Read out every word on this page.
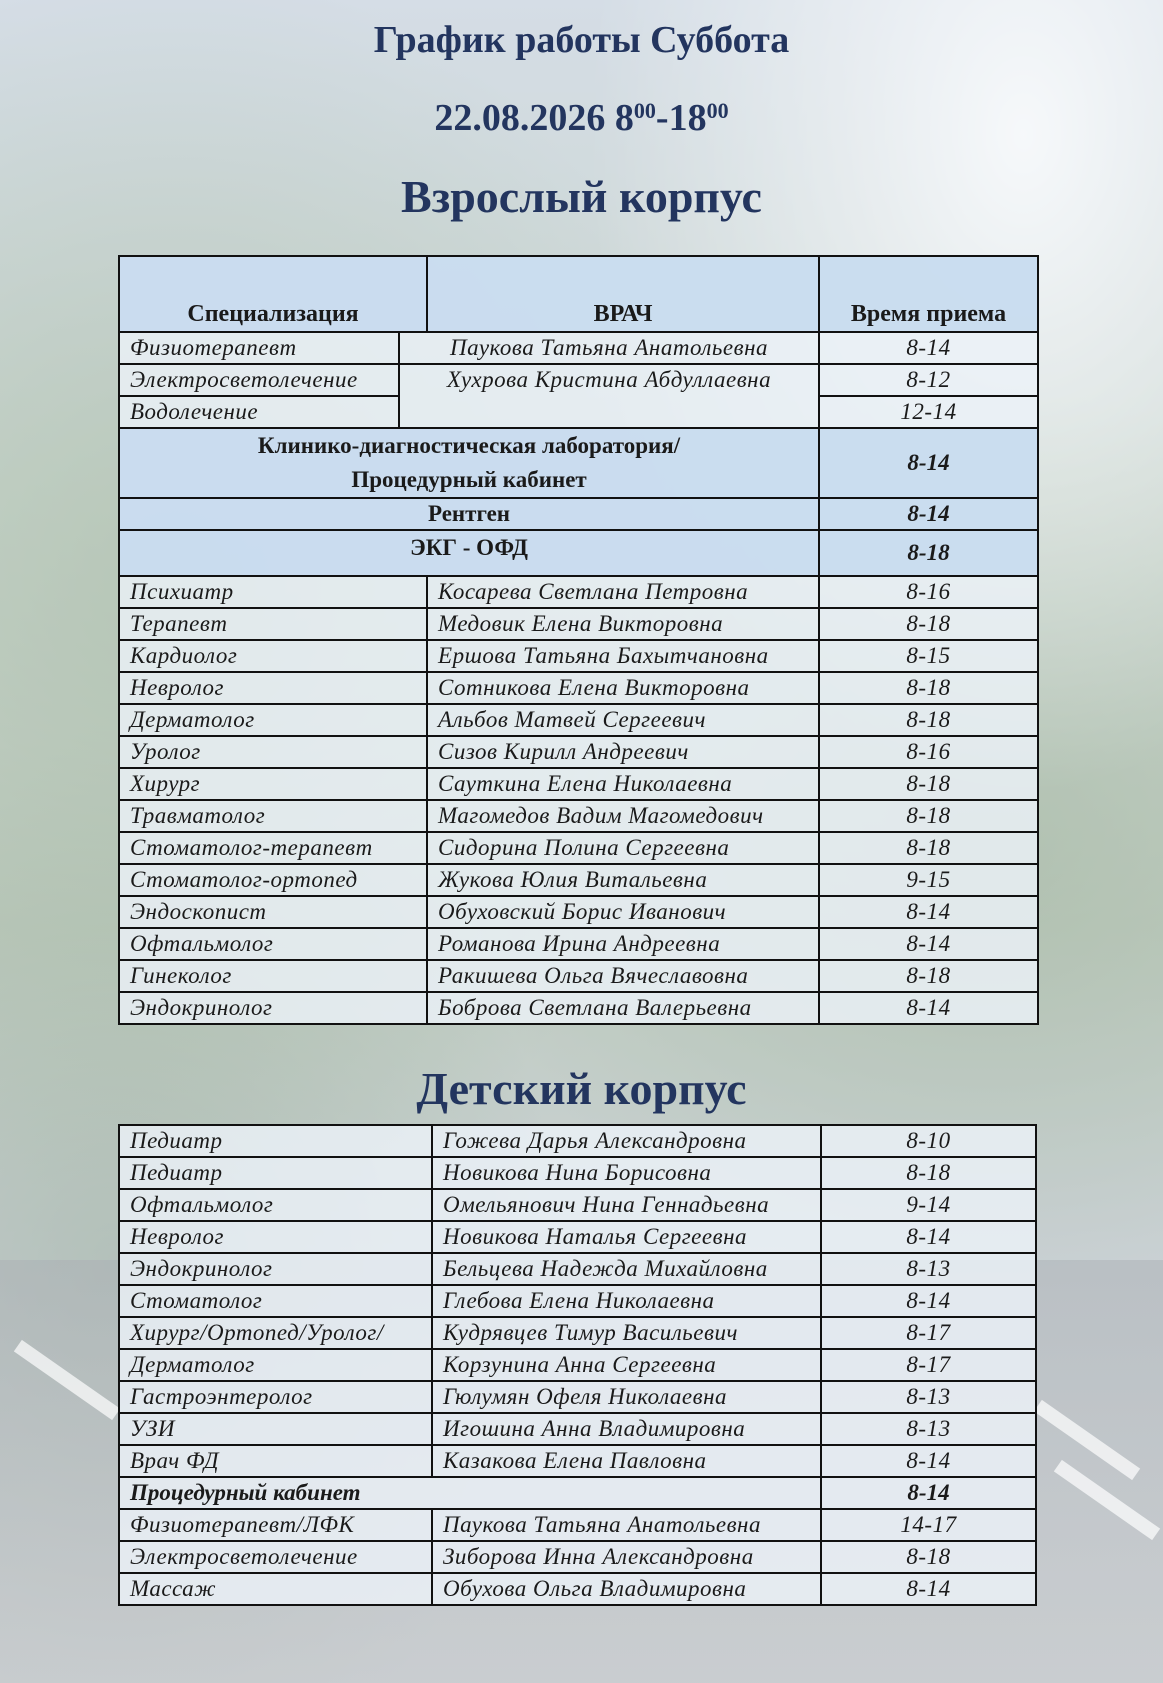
График работы Суббота
22.08.2026 $8^{00}-18^{00}$
Взрослый корпус
Специализация		ВРАЧ	Время приема
Физиотерапевт	Паукова Татьяна Анатольевна		8-14
Электросветолечение	Хухрова Кристина Абдуллаевна		8-12
Водолечение			12-14
Клинико-диагностическая лаборатория/ Процедурный кабинет			8-14
Рентген			8-14
ЭКГ - ОФД			8-18
Психиатр		Косарева Светлана Петровна	8-16
Терапевт		Медовик Елена Викторовна	8-18
Кардиолог		Ершова Татьяна Бахытчановна	8-15
Невролог		Сотникова Елена Викторовна	8-18
Дерматолог		Альбов Матвей Сергеевич	8-18
Уролог		Сизов Кирилл Андреевич	8-16
Хирург		Сауткина Елена Николаевна	8-18
Травматолог		Магомедов Вадим Магомедович	8-18
Стоматолог-терапевт		Сидорина Полина Сергеевна	8-18
Стоматолог-ортопед		Жукова Юлия Витальевна	9-15
Эндоскопист		Обуховский Борис Иванович	8-14
Офтальмолог		Романова Ирина Андреевна	8-14
Гинеколог		Ракишева Ольга Вячеславовна	8-18
Эндокринолог		Боброва Светлана Валерьевна	8-14
Детский корпус
Педиатр	Гожева Дарья Александровна	8-10
Педиатр	Новикова Нина Борисовна	8-18
Офтальмолог	Омельянович Нина Геннадьевна	9-14
Невролог	Новикова Наталья Сергеевна	8-14
Эндокринолог	Бельцева Надежда Михайловна	8-13
Стоматолог	Глебова Елена Николаевна	8-14
Хирург/Ортопед/Уролог/	Кудрявцев Тимур Васильевич	8-17
Дерматолог	Корзунина Анна Сергеевна	8-17
Гастроэнтеролог	Гюлумян Офеля Николаевна	8-13
УЗИ	Игошина Анна Владимировна	8-13
Врач ФД	Казакова Елена Павловна	8-14
Процедурный кабинет		8-14
Физиотерапевт/ЛФК	Паукова Татьяна Анатольевна	14-17
Электросветолечение	Зиборова Инна Александровна	8-18
Массаж	Обухова Ольга Владимировна	8-14
